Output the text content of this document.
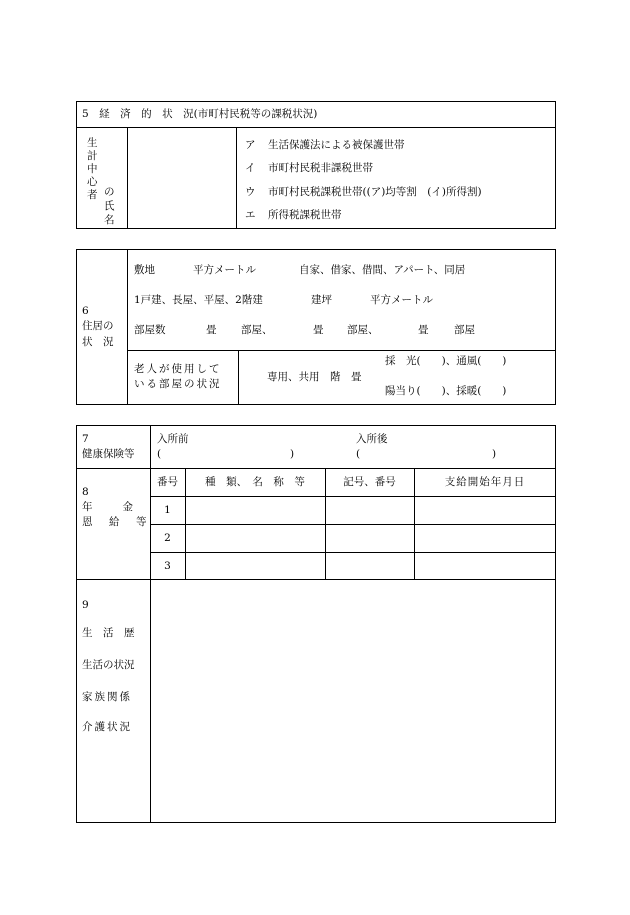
5　経　済　的　状　況(市町村民税等の課税状況)
生
計
中
心
者 の
氏
名
ア 生活保護法による被保護世帯
イ 市町村民税非課税世帯
ウ 市町村民税課税世帯((ア)均等割　(イ)所得割)
エ 所得税課税世帯
6
住居の
状　況
敷地	平方メートル	自家、借家、借間、アパート、同居
1戸建、長屋、平屋、2階建	建坪	平方メートル
部屋数	畳 部屋、	畳 部屋、	畳 部屋
老人が使用して
いる部屋の状況
専用、共用　階　畳
採　光(　　)、通風(　　)
陽当り(　　)、採暖(　　)
7
健康保険等
入所前	入所後
(	)	(	)
8
年　　金
恩　給　等
番号	種　類、　名　称　等	記号、番号	支給開始年月日
1
2
3
9
生　活　歴
生活の状況
家族関係
介護状況
